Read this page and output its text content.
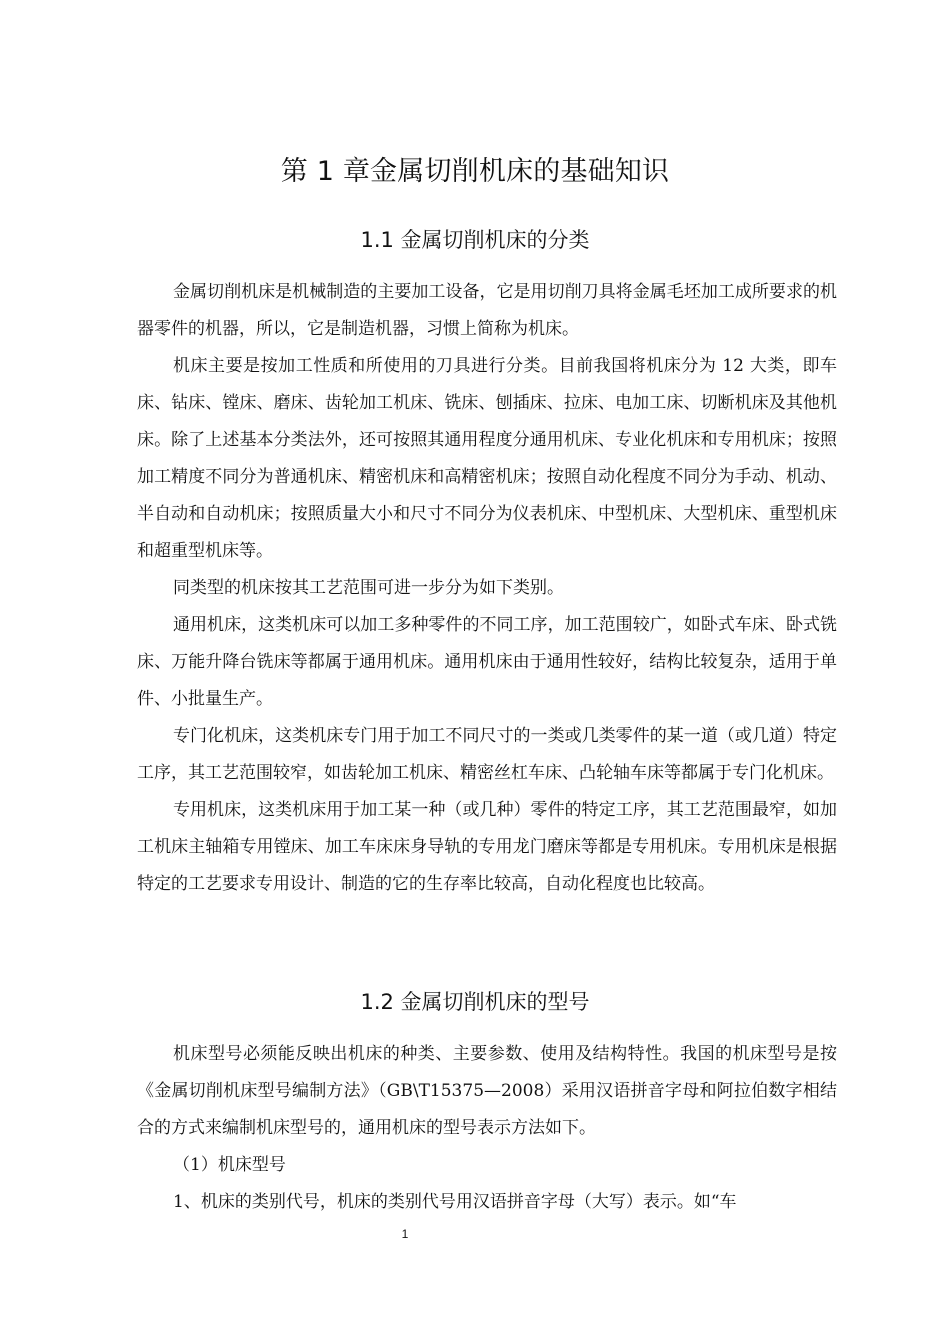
第 1 章金属切削机床的基础知识
1.1 金属切削机床的分类

金属切削机床是机械制造的主要加工设备，它是用切削刀具将金属毛坯加工成所要求的机器零件的机器，所以，它是制造机器，习惯上简称为机床。

机床主要是按加工性质和所使用的刀具进行分类。目前我国将机床分为 12 大类，即车床、钻床、镗床、磨床、齿轮加工机床、铣床、刨插床、拉床、电加工床、切断机床及其他机床。除了上述基本分类法外，还可按照其通用程度分通用机床、专业化机床和专用机床；按照加工精度不同分为普通机床、精密机床和高精密机床；按照自动化程度不同分为手动、机动、半自动和自动机床；按照质量大小和尺寸不同分为仪表机床、中型机床、大型机床、重型机床和超重型机床等。

同类型的机床按其工艺范围可进一步分为如下类别。

通用机床，这类机床可以加工多种零件的不同工序，加工范围较广，如卧式车床、卧式铣床、万能升降台铣床等都属于通用机床。通用机床由于通用性较好，结构比较复杂，适用于单件、小批量生产。

专门化机床，这类机床专门用于加工不同尺寸的一类或几类零件的某一道（或几道）特定工序，其工艺范围较窄，如齿轮加工机床、精密丝杠车床、凸轮轴车床等都属于专门化机床。

专用机床，这类机床用于加工某一种（或几种）零件的特定工序，其工艺范围最窄，如加工机床主轴箱专用镗床、加工车床床身导轨的专用龙门磨床等都是专用机床。专用机床是根据特定的工艺要求专用设计、制造的它的生存率比较高，自动化程度也比较高。

1.2 金属切削机床的型号

机床型号必须能反映出机床的种类、主要参数、使用及结构特性。我国的机床型号是按《金属切削机床型号编制方法》（GB\T15375—2008）采用汉语拼音字母和阿拉伯数字相结合的方式来编制机床型号的，通用机床的型号表示方法如下。

（1）机床型号

1、机床的类别代号，机床的类别代号用汉语拼音字母（大写）表示。如“车

1
